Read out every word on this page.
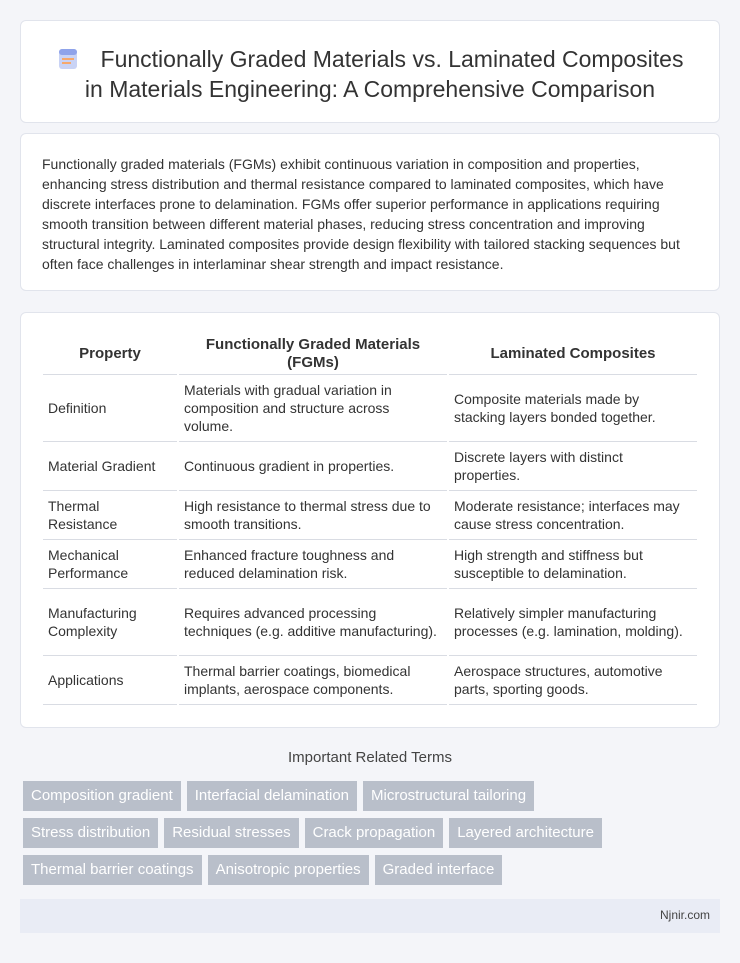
Functionally Graded Materials vs. Laminated Composites
in Materials Engineering: A Comprehensive Comparison

Functionally graded materials (FGMs) exhibit continuous variation in composition and properties, enhancing stress distribution and thermal resistance compared to laminated composites, which have discrete interfaces prone to delamination. FGMs offer superior performance in applications requiring smooth transition between different material phases, reducing stress concentration and improving structural integrity. Laminated composites provide design flexibility with tailored stacking sequences but often face challenges in interlaminar shear strength and impact resistance.

Property	Functionally Graded Materials (FGMs)	Laminated Composites
Definition	Materials with gradual variation in composition and structure across volume.	Composite materials made by stacking layers bonded together.
Material Gradient	Continuous gradient in properties.	Discrete layers with distinct properties.
Thermal Resistance	High resistance to thermal stress due to smooth transitions.	Moderate resistance; interfaces may cause stress concentration.
Mechanical Performance	Enhanced fracture toughness and reduced delamination risk.	High strength and stiffness but susceptible to delamination.
Manufacturing Complexity	Requires advanced processing techniques (e.g. additive manufacturing).	Relatively simpler manufacturing processes (e.g. lamination, molding).
Applications	Thermal barrier coatings, biomedical implants, aerospace components.	Aerospace structures, automotive parts, sporting goods.
Important Related Terms
Composition gradient	Interfacial delamination	Microstructural tailoring
Stress distribution	Residual stresses	Crack propagation	Layered architecture
Thermal barrier coatings	Anisotropic properties	Graded interface
Njnir.com
